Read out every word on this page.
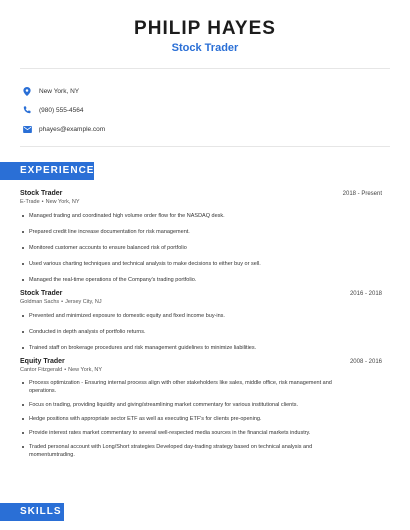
PHILIP HAYES
Stock Trader
New York, NY
(980) 555-4564
phayes@example.com
EXPERIENCE
Stock Trader	2018 - Present
E-Trade • New York, NY
Managed trading and coordinated high volume order flow for the NASDAQ desk.
Prepared credit line increase documentation for risk management.
Monitored customer accounts to ensure balanced risk of portfolio
Used various charting techniques and technical analysis to make decisions to either buy or sell.
Managed the real-time operations of the Company's trading portfolio.
Stock Trader	2016 - 2018
Goldman Sachs • Jersey City, NJ
Prevented and minimized exposure to domestic equity and fixed income buy-ins.
Conducted in depth analysis of portfolio returns.
Trained staff on brokerage procedures and risk management guidelines to minimize liabilities.
Equity Trader	2008 - 2016
Cantor Fitzgerald • New York, NY
Process optimization - Ensuring internal process align with other stakeholders like sales, middle office, risk management and operations.
Focus on trading, providing liquidity and giving/streamlining market commentary for various institutional clients.
Hedge positions with appropriate sector ETF as well as executing ETF's for clients pre-opening.
Provide interest rates market commentary to several well-respected media sources in the financial markets industry.
Traded personal account with Long/Short strategies Developed day-trading strategy based on technical analysis and momentumtrading.
SKILLS
